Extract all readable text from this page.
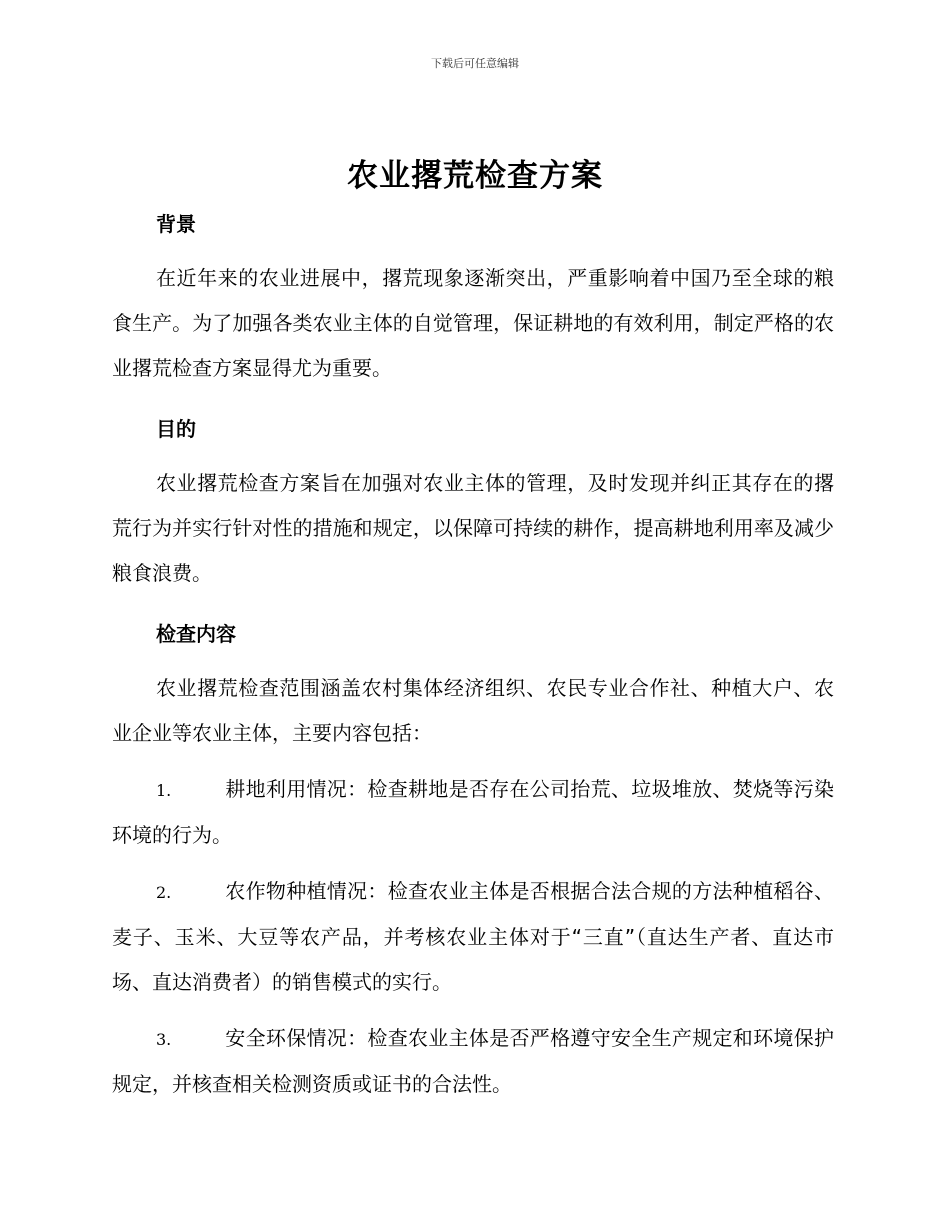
下载后可任意编辑
农业撂荒检查方案
背景

在近年来的农业进展中，撂荒现象逐渐突出，严重影响着中国乃至全球的粮食生产。为了加强各类农业主体的自觉管理，保证耕地的有效利用，制定严格的农业撂荒检查方案显得尤为重要。

目的

农业撂荒检查方案旨在加强对农业主体的管理，及时发现并纠正其存在的撂荒行为并实行针对性的措施和规定，以保障可持续的耕作，提高耕地利用率及减少粮食浪费。

检查内容

农业撂荒检查范围涵盖农村集体经济组织、农民专业合作社、种植大户、农业企业等农业主体，主要内容包括：

1.	耕地利用情况：检查耕地是否存在公司抬荒、垃圾堆放、焚烧等污染环境的行为。

2.	农作物种植情况：检查农业主体是否根据合法合规的方法种植稻谷、麦子、玉米、大豆等农产品，并考核农业主体对于“三直”（直达生产者、直达市场、直达消费者）的销售模式的实行。

3.	安全环保情况：检查农业主体是否严格遵守安全生产规定和环境保护规定，并核查相关检测资质或证书的合法性。
